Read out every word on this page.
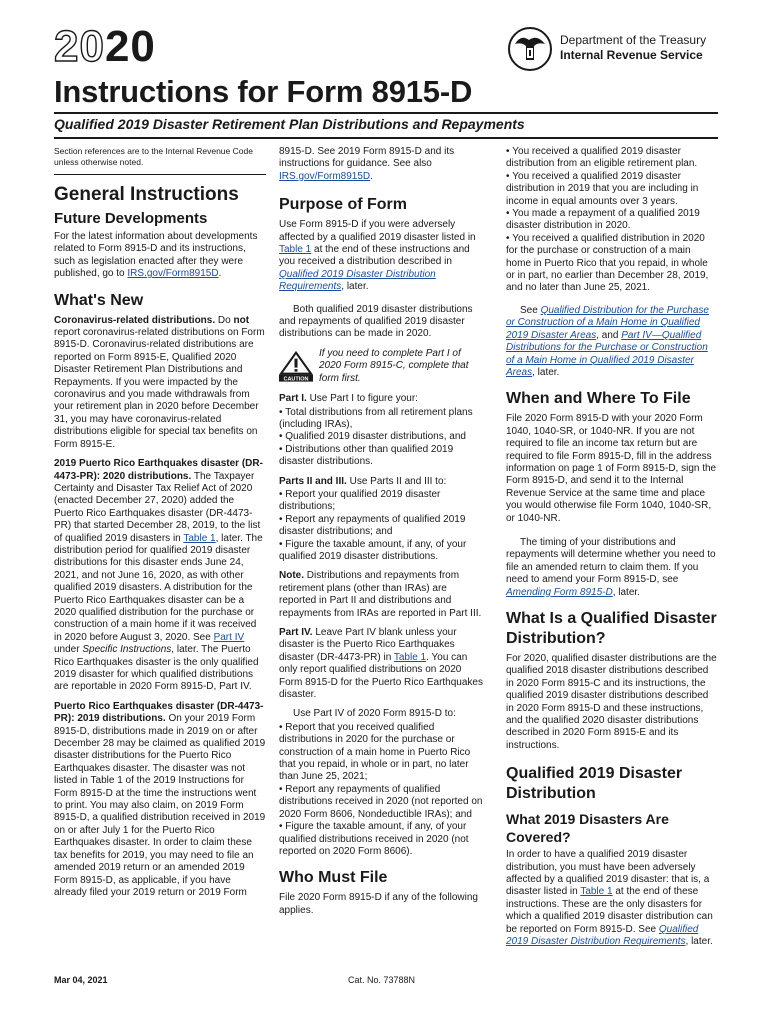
2020	Department of the Treasury
Internal Revenue Service
Instructions for Form 8915-D
Qualified 2019 Disaster Retirement Plan Distributions and Repayments

Section references are to the Internal Revenue Code unless otherwise noted.

General Instructions
Future Developments

For the latest information about developments related to Form 8915-D and its instructions, such as legislation enacted after they were published, go to IRS.gov/Form8915D.

What's New

Coronavirus-related distributions. Do not report coronavirus-related distributions on Form 8915-D. Coronavirus-related distributions are reported on Form 8915-E, Qualified 2020 Disaster Retirement Plan Distributions and Repayments. If you were impacted by the coronavirus and you made withdrawals from your retirement plan in 2020 before December 31, you may have coronavirus-related distributions eligible for special tax benefits on Form 8915-E.

2019 Puerto Rico Earthquakes disaster (DR-4473-PR): 2020 distributions. The Taxpayer Certainty and Disaster Tax Relief Act of 2020 (enacted December 27, 2020) added the Puerto Rico Earthquakes disaster (DR-4473-PR) that started December 28, 2019, to the list of qualified 2019 disasters in Table 1, later. The distribution period for qualified 2019 disaster distributions for this disaster ends June 24, 2021, and not June 16, 2020, as with other qualified 2019 disasters. A distribution for the Puerto Rico Earthquakes disaster can be a 2020 qualified distribution for the purchase or construction of a main home if it was received in 2020 before August 3, 2020. See Part IV under Specific Instructions, later. The Puerto Rico Earthquakes disaster is the only qualified 2019 disaster for which qualified distributions are reportable in 2020 Form 8915-D, Part IV.

Puerto Rico Earthquakes disaster (DR-4473-PR): 2019 distributions. On your 2019 Form 8915-D, distributions made in 2019 on or after December 28 may be claimed as qualified 2019 disaster distributions for the Puerto Rico Earthquakes disaster. The disaster was not listed in Table 1 of the 2019 Instructions for Form 8915-D at the time the instructions went to print. You may also claim, on 2019 Form 8915-D, a qualified distribution received in 2019 on or after July 1 for the Puerto Rico Earthquakes disaster. In order to claim these tax benefits for 2019, you may need to file an amended 2019 return or an amended 2019 Form 8915-D, as applicable, if you have already filed your 2019 return or 2019 Form

8915-D. See 2019 Form 8915-D and its instructions for guidance. See also IRS.gov/Form8915D.

Purpose of Form

Use Form 8915-D if you were adversely affected by a qualified 2019 disaster listed in Table 1 at the end of these instructions and you received a distribution described in Qualified 2019 Disaster Distribution Requirements, later.

Both qualified 2019 disaster distributions and repayments of qualified 2019 disaster distributions can be made in 2020.

CAUTION
If you need to complete Part I of 2020 Form 8915-C, complete that form first.

Part I. Use Part I to figure your:

• Total distributions from all retirement plans (including IRAs),
• Qualified 2019 disaster distributions, and
• Distributions other than qualified 2019 disaster distributions.

Parts II and III. Use Parts II and III to:

• Report your qualified 2019 disaster distributions;
• Report any repayments of qualified 2019 disaster distributions; and
• Figure the taxable amount, if any, of your qualified 2019 disaster distributions.

Note. Distributions and repayments from retirement plans (other than IRAs) are reported in Part II and distributions and repayments from IRAs are reported in Part III.

Part IV. Leave Part IV blank unless your disaster is the Puerto Rico Earthquakes disaster (DR-4473-PR) in Table 1. You can only report qualified distributions on 2020 Form 8915-D for the Puerto Rico Earthquakes disaster.

Use Part IV of 2020 Form 8915-D to:

• Report that you received qualified distributions in 2020 for the purchase or construction of a main home in Puerto Rico that you repaid, in whole or in part, no later than June 25, 2021;
• Report any repayments of qualified distributions received in 2020 (not reported on 2020 Form 8606, Nondeductible IRAs); and
• Figure the taxable amount, if any, of your qualified distributions received in 2020 (not reported on 2020 Form 8606).

Who Must File

File 2020 Form 8915-D if any of the following applies.

• You received a qualified 2019 disaster distribution from an eligible retirement plan.
• You received a qualified 2019 disaster distribution in 2019 that you are including in income in equal amounts over 3 years.
• You made a repayment of a qualified 2019 disaster distribution in 2020.
• You received a qualified distribution in 2020 for the purchase or construction of a main home in Puerto Rico that you repaid, in whole or in part, no earlier than December 28, 2019, and no later than June 25, 2021.

See Qualified Distribution for the Purchase or Construction of a Main Home in Qualified 2019 Disaster Areas, and Part IV—Qualified Distributions for the Purchase or Construction of a Main Home in Qualified 2019 Disaster Areas, later.

When and Where To File

File 2020 Form 8915-D with your 2020 Form 1040, 1040-SR, or 1040-NR. If you are not required to file an income tax return but are required to file Form 8915-D, fill in the address information on page 1 of Form 8915-D, sign the Form 8915-D, and send it to the Internal Revenue Service at the same time and place you would otherwise file Form 1040, 1040-SR, or 1040-NR.

The timing of your distributions and repayments will determine whether you need to file an amended return to claim them. If you need to amend your Form 8915-D, see Amending Form 8915-D, later.

What Is a Qualified Disaster Distribution?

For 2020, qualified disaster distributions are the qualified 2018 disaster distributions described in 2020 Form 8915-C and its instructions, the qualified 2019 disaster distributions described in 2020 Form 8915-D and these instructions, and the qualified 2020 disaster distributions described in 2020 Form 8915-E and its instructions.

Qualified 2019 Disaster Distribution
What 2019 Disasters Are Covered?

In order to have a qualified 2019 disaster distribution, you must have been adversely affected by a qualified 2019 disaster: that is, a disaster listed in Table 1 at the end of these instructions. These are the only disasters for which a qualified 2019 disaster distribution can be reported on Form 8915-D. See Qualified 2019 Disaster Distribution Requirements, later.

Mar 04, 2021	Cat. No. 73788N
